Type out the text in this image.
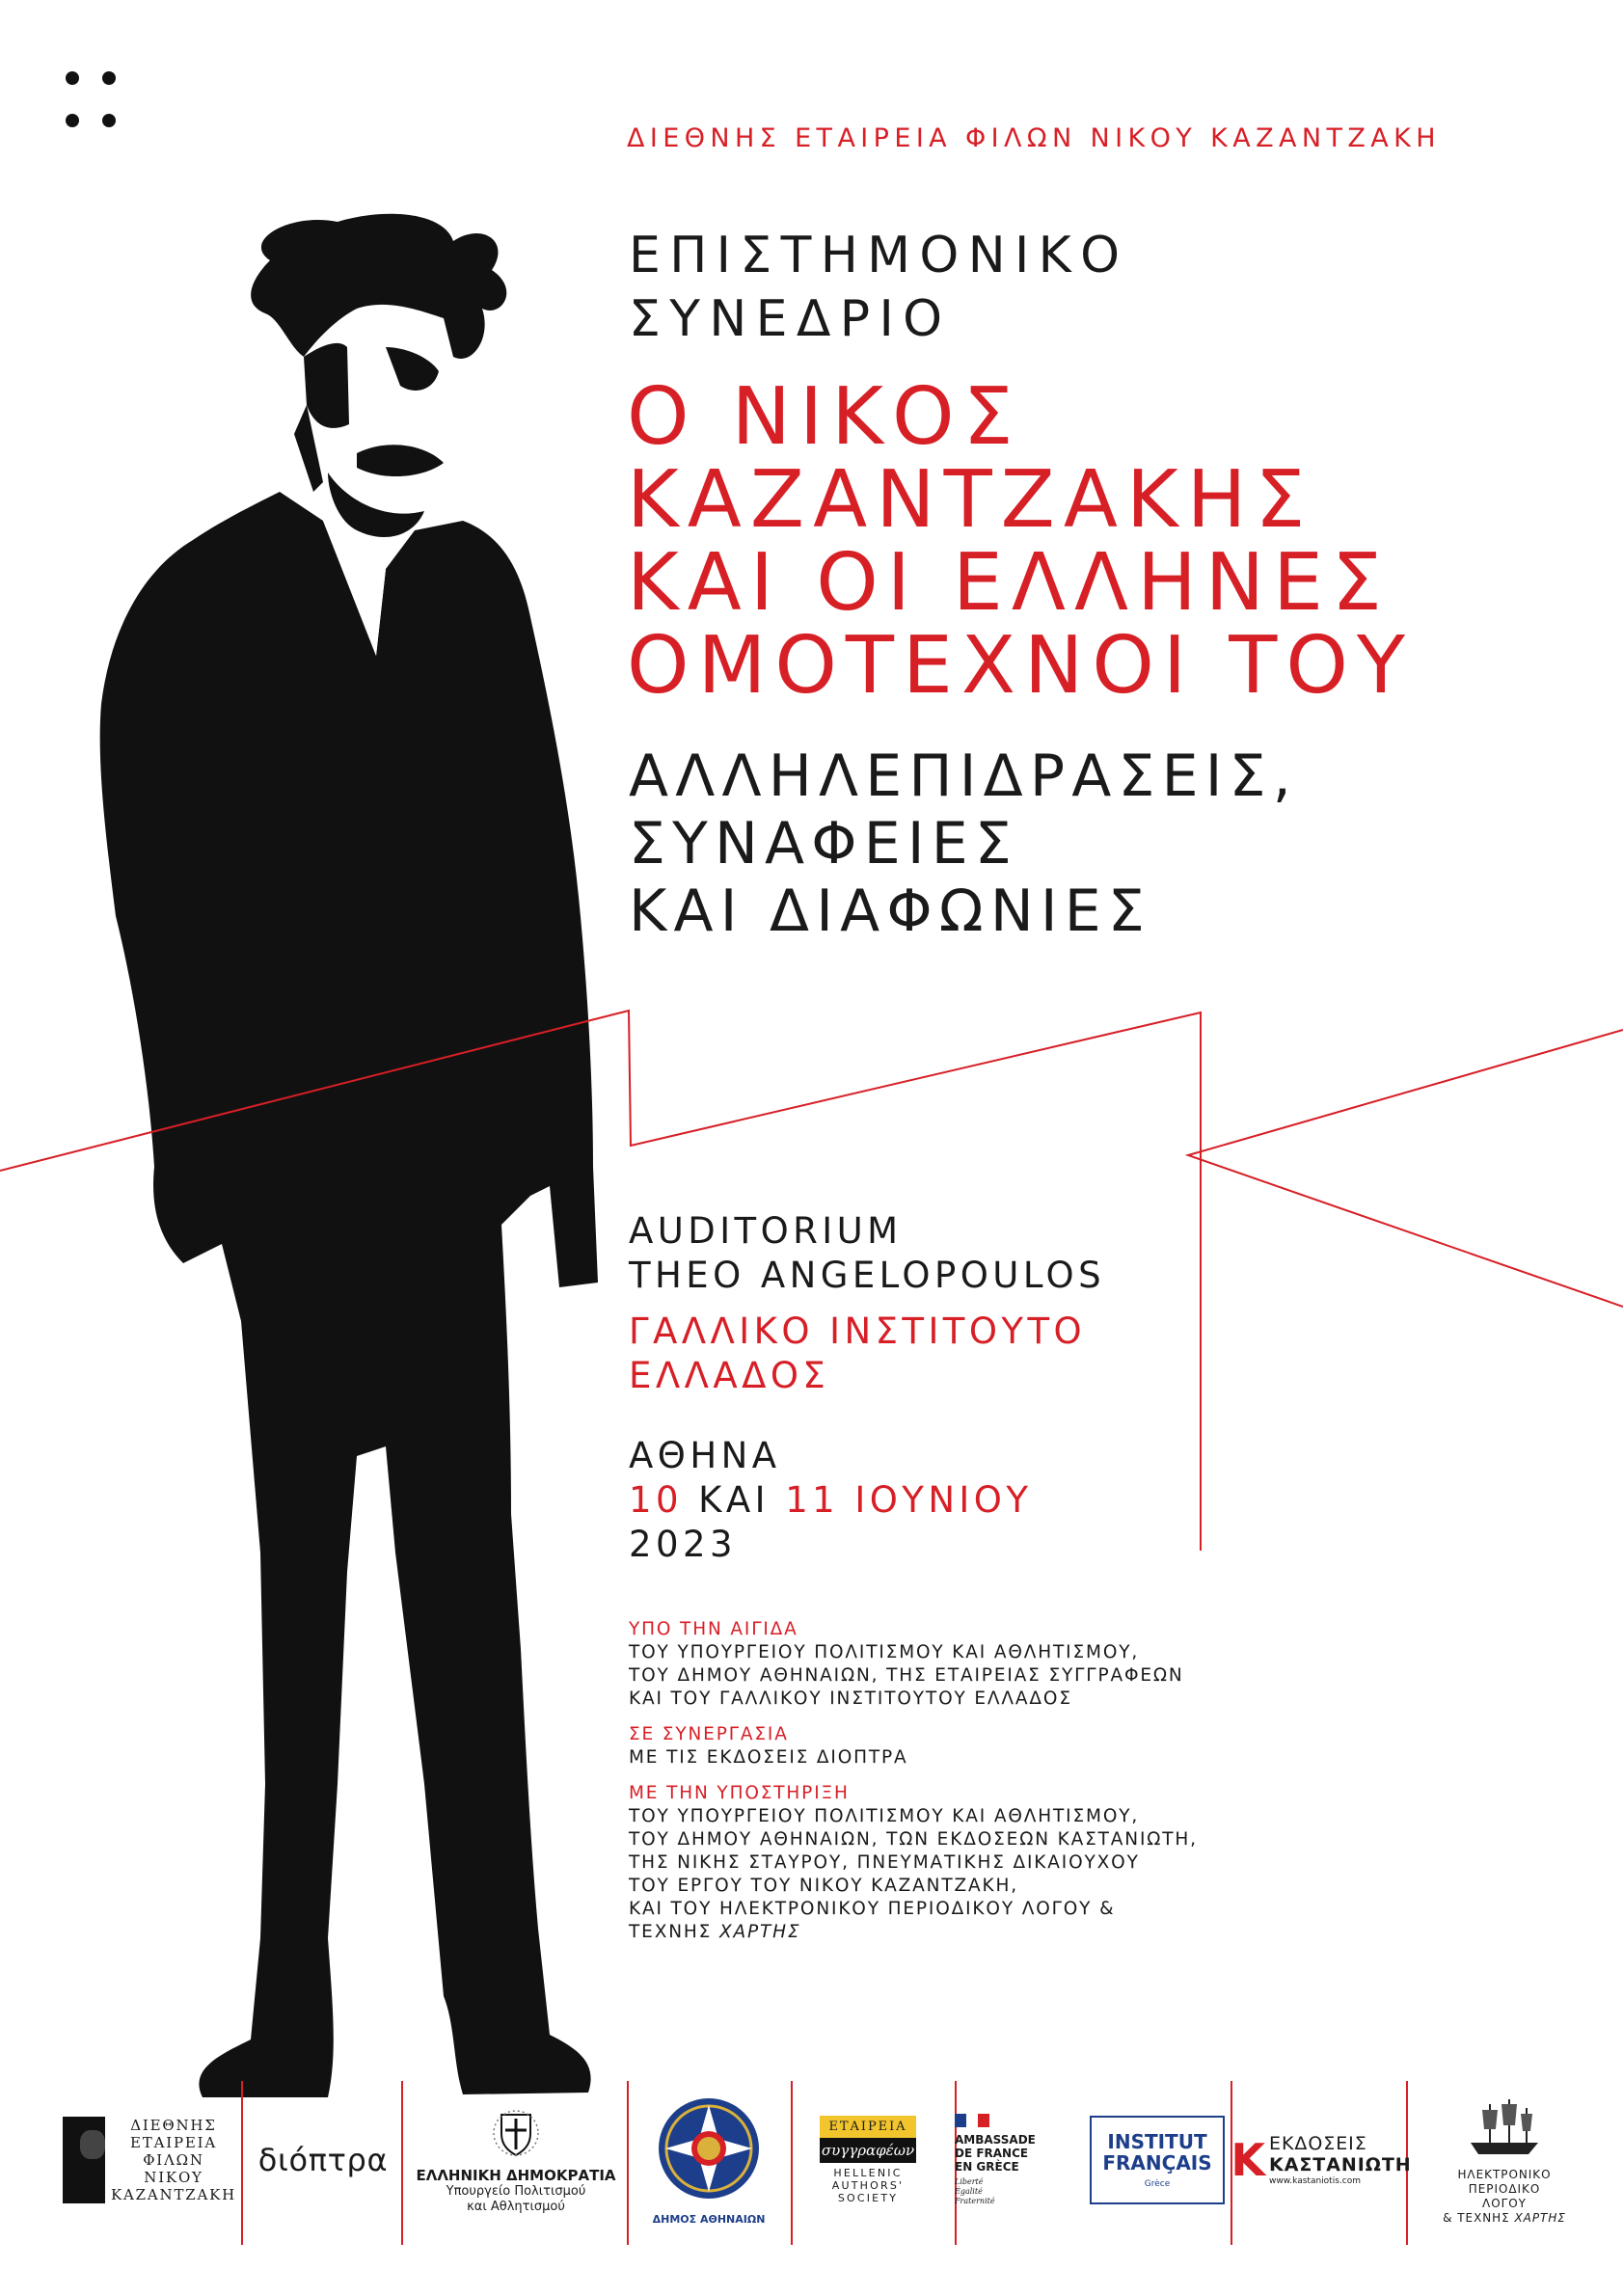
ΔΙΕΘΝΗΣ ΕΤΑΙΡΕΙΑ ΦΙΛΩΝ ΝΙΚΟΥ ΚΑΖΑΝΤΖΑΚΗ
ΕΠΙΣΤΗΜΟΝΙΚΟ
ΣΥΝΕΔΡΙΟ
Ο ΝΙΚΟΣ
ΚΑΖΑΝΤΖΑΚΗΣ
ΚΑΙ ΟΙ ΕΛΛΗΝΕΣ
ΟΜΟΤΕΧΝΟΙ ΤΟΥ
ΑΛΛΗΛΕΠΙΔΡΑΣΕΙΣ,
ΣΥΝΑΦΕΙΕΣ
ΚΑΙ ΔΙΑΦΩΝΙΕΣ
AUDITORIUM
THEO ANGELOPOULOS
ΓΑΛΛΙΚΟ ΙΝΣΤΙΤΟΥΤΟ
ΕΛΛΑΔΟΣ
ΑΘΗΝΑ
10 ΚΑΙ 11 ΙΟΥΝΙΟΥ
2023
ΥΠΟ ΤΗΝ ΑΙΓΙΔΑ
ΤΟΥ ΥΠΟΥΡΓΕΙΟΥ ΠΟΛΙΤΙΣΜΟΥ ΚΑΙ ΑΘΛΗΤΙΣΜΟΥ,
ΤΟΥ ΔΗΜΟΥ ΑΘΗΝΑΙΩΝ, ΤΗΣ ΕΤΑΙΡΕΙΑΣ ΣΥΓΓΡΑΦΕΩΝ
ΚΑΙ ΤΟΥ ΓΑΛΛΙΚΟΥ ΙΝΣΤΙΤΟΥΤΟΥ ΕΛΛΑΔΟΣ
ΣΕ ΣΥΝΕΡΓΑΣΙΑ
ΜΕ ΤΙΣ ΕΚΔΟΣΕΙΣ ΔΙΟΠΤΡΑ
ΜΕ ΤΗΝ ΥΠΟΣΤΗΡΙΞΗ
ΤΟΥ ΥΠΟΥΡΓΕΙΟΥ ΠΟΛΙΤΙΣΜΟΥ ΚΑΙ ΑΘΛΗΤΙΣΜΟΥ,
ΤΟΥ ΔΗΜΟΥ ΑΘΗΝΑΙΩΝ, ΤΩΝ ΕΚΔΟΣΕΩΝ ΚΑΣΤΑΝΙΩΤΗ,
ΤΗΣ ΝΙΚΗΣ ΣΤΑΥΡΟΥ, ΠΝΕΥΜΑΤΙΚΗΣ ΔΙΚΑΙΟΥΧΟΥ
ΤΟΥ ΕΡΓΟΥ ΤΟΥ ΝΙΚΟΥ ΚΑΖΑΝΤΖΑΚΗ,
ΚΑΙ ΤΟΥ ΗΛΕΚΤΡΟΝΙΚΟΥ ΠΕΡΙΟΔΙΚΟΥ ΛΟΓΟΥ &
ΤΕΧΝΗΣ ΧΑΡΤΗΣ
ΔΙΕΘΝΗΣ
ΕΤΑΙΡΕΙΑ
ΦΙΛΩΝ
ΝΙΚΟΥ
ΚΑΖΑΝΤΖΑΚΗ
διόπτρα ΕΛΛΗΝΙΚΗ ΔΗΜΟΚΡΑΤΙΑ
Υπουργείο Πολιτισμού
και Αθλητισμού
ΔΗΜΟΣ ΑΘΗΝΑΙΩΝ
ΕΤΑΙΡΕΙΑ
συγγραφέων
HELLENIC
AUTHORS'
SOCIETY
AMBASSADE
DE FRANCE
EN GRÈCE
Liberté
Égalité
Fraternité
INSTITUT
FRANÇAIS
Grèce Κ ΕΚΔΟΣΕΙΣ
ΚΑΣΤΑΝΙΩΤΗ
www.kastaniotis.com	ΗΛΕΚΤΡΟΝΙΚΟ
ΠΕΡΙΟΔΙΚΟ
ΛΟΓΟΥ
& ΤΕΧΝΗΣ ΧΑΡΤΗΣ
